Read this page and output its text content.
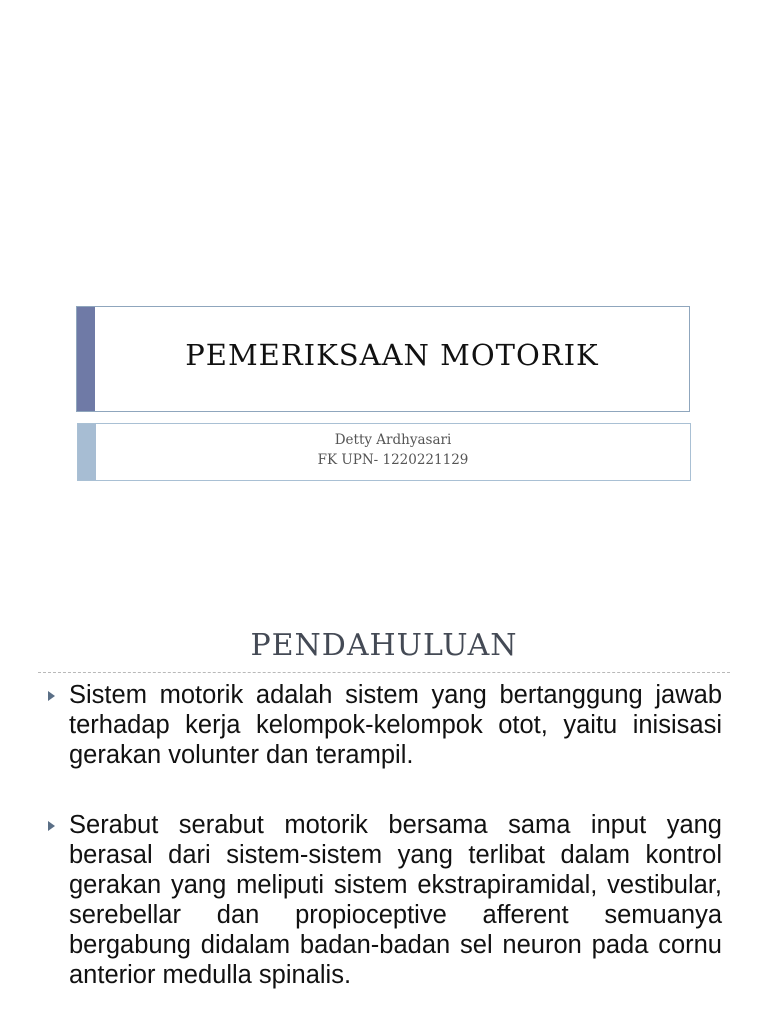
PEMERIKSAAN MOTORIK
Detty Ardhyasari
FK UPN- 1220221129
PENDAHULUAN
Sistem motorik adalah sistem yang bertanggung jawab terhadap kerja kelompok-kelompok otot, yaitu inisisasi gerakan volunter dan terampil.
Serabut serabut motorik bersama sama input yang berasal dari sistem-sistem yang terlibat dalam kontrol gerakan yang meliputi sistem ekstrapiramidal, vestibular, serebellar dan propioceptive afferent semuanya bergabung didalam badan-badan sel neuron pada cornu anterior medulla spinalis.
